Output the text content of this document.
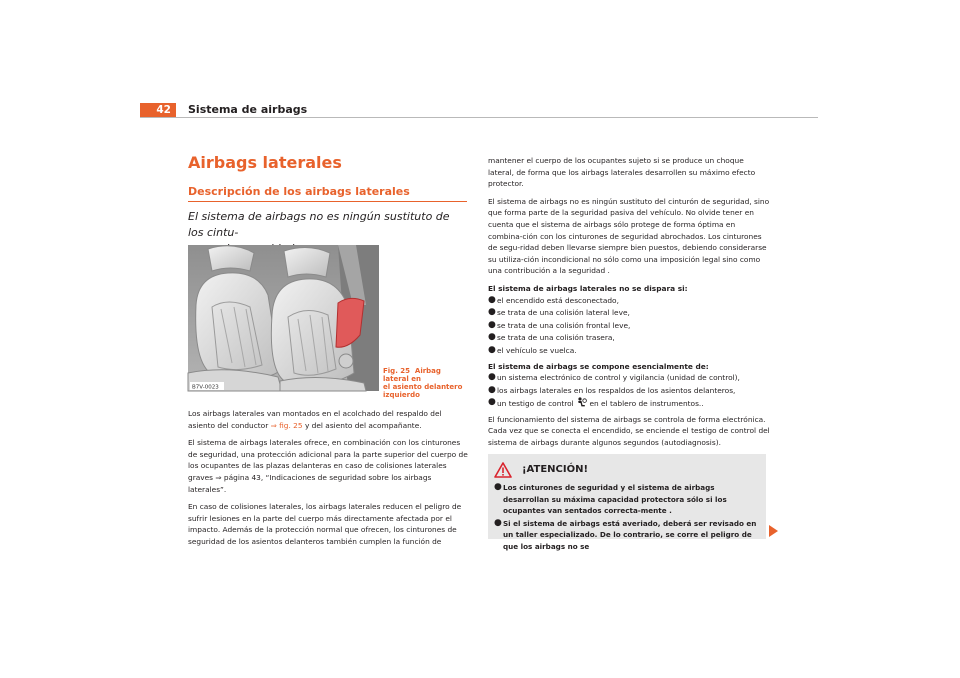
42	Sistema de airbags
Airbags laterales
Descripción de los airbags laterales
El sistema de airbags no es ningún sustituto de los cintu-
B7V-0023
Fig. 25 Airbag lateral en
el asiento delantero
izquierdo

Los airbags laterales van montados en el acolchado del respaldo del asiento del conductor ⇒ fig. 25 y del asiento del acompañante.

El sistema de airbags laterales ofrece, en combinación con los cinturones de seguridad, una protección adicional para la parte superior del cuerpo de los ocupantes de las plazas delanteras en caso de colisiones laterales graves ⇒ página 43, “Indicaciones de seguridad sobre los airbags laterales”.

En caso de colisiones laterales, los airbags laterales reducen el peligro de sufrir lesiones en la parte del cuerpo más directamente afectada por el impacto. Además de la protección normal que ofrecen, los cinturones de seguridad de los asientos delanteros también cumplen la función de

mantener el cuerpo de los ocupantes sujeto si se produce un choque lateral, de forma que los airbags laterales desarrollen su máximo efecto protector.

El sistema de airbags no es ningún sustituto del cinturón de seguridad, sino que forma parte de la seguridad pasiva del vehículo. No olvide tener en cuenta que el sistema de airbags sólo protege de forma óptima en combina-ción con los cinturones de seguridad abrochados. Los cinturones de segu-ridad deben llevarse siempre bien puestos, debiendo considerarse su utiliza-ción incondicional no sólo como una imposición legal sino como una contribución a la seguridad .

El sistema de airbags laterales no se dispara si:
● el encendido está desconectado,
● se trata de una colisión lateral leve,
● se trata de una colisión frontal leve,
● se trata de una colisión trasera,
● el vehículo se vuelca.
El sistema de airbags se compone esencialmente de:
● un sistema electrónico de control y vigilancia (unidad de control),
● los airbags laterales en los respaldos de los asientos delanteros,
● un testigo de control  en el tablero de instrumentos..

El funcionamiento del sistema de airbags se controla de forma electrónica. Cada vez que se conecta el encendido, se enciende el testigo de control del sistema de airbags durante algunos segundos (autodiagnosis).

¡ATENCIÓN!
● Los cinturones de seguridad y el sistema de airbags desarrollan su máxima capacidad protectora sólo si los ocupantes van sentados correcta-mente .
● Si el sistema de airbags está averiado, deberá ser revisado en un taller especializado. De lo contrario, se corre el peligro de que los airbags no se
